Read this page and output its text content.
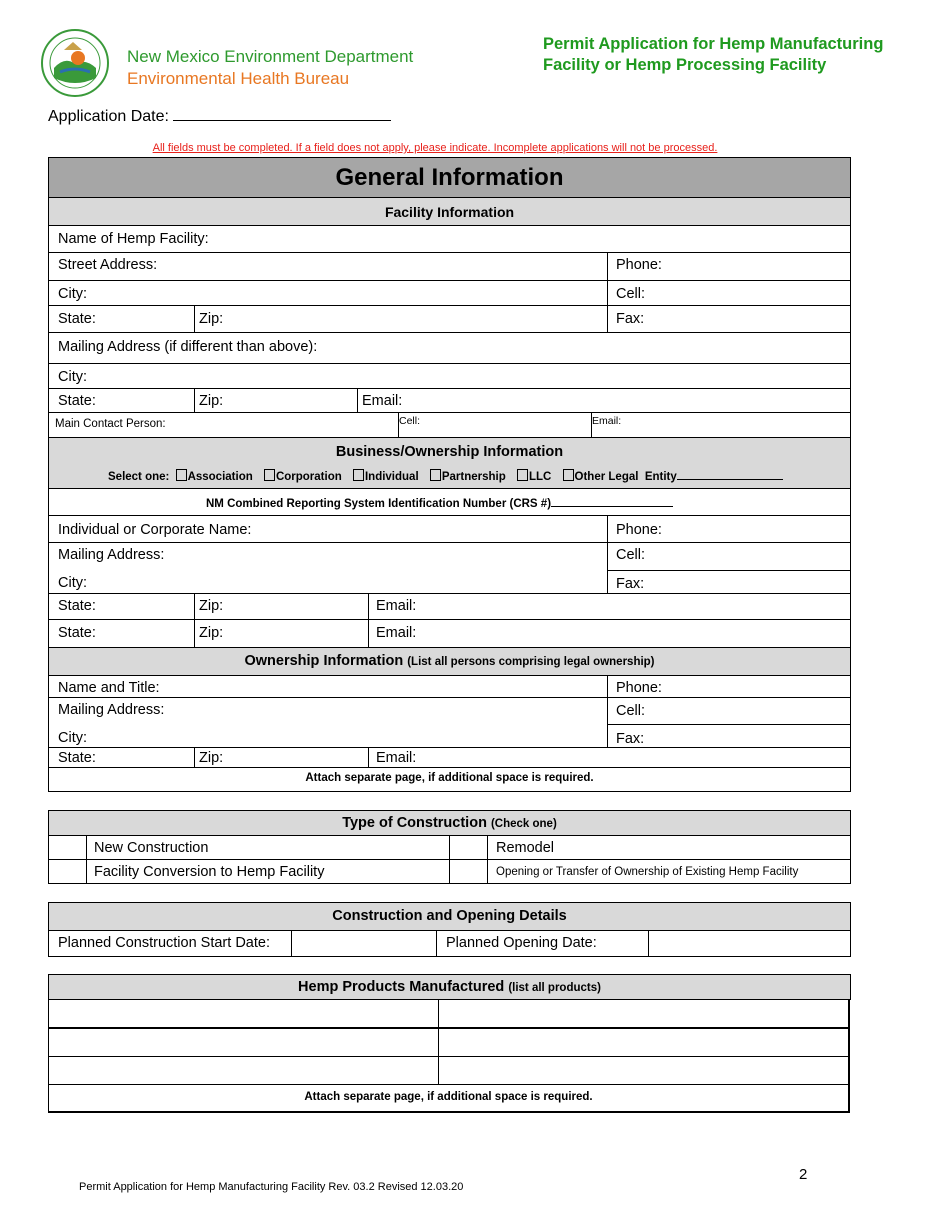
New Mexico Environment Department
Environmental Health Bureau
Permit Application for Hemp Manufacturing
Facility or Hemp Processing Facility
Application Date:
All fields must be completed. If a field does not apply, please indicate. Incomplete applications will not be processed.
General Information
Facility Information
Name of Hemp Facility:
Street Address:	Phone:
City:	Cell:
State:	Zip:	Fax:
Mailing Address (if different than above):
City:
State:	Zip:	Email:
Main Contact Person:	Cell:	Email:
Business/Ownership Information
Select one: Association Corporation Individual Partnership LLC Other Legal  Entity
NM Combined Reporting System Identification Number (CRS #)
Individual or Corporate Name:	Phone:
Mailing Address:
City:
Cell:
Fax:
State:	Zip:	Email:
State:	Zip:	Email:
Ownership Information (List all persons comprising legal ownership)
Name and Title:	Phone:
Mailing Address:
City:
Cell:
Fax:
State:	Zip:	Email:
Attach separate page, if additional space is required.
Type of Construction (Check one)
New Construction	Remodel
Facility Conversion to Hemp Facility	Opening or Transfer of Ownership of Existing Hemp Facility
Construction and Opening Details
Planned Construction Start Date:	Planned Opening Date:
Hemp Products Manufactured (list all products)
Attach separate page, if additional space is required.
2
Permit Application for Hemp Manufacturing Facility Rev. 03.2 Revised 12.03.20
